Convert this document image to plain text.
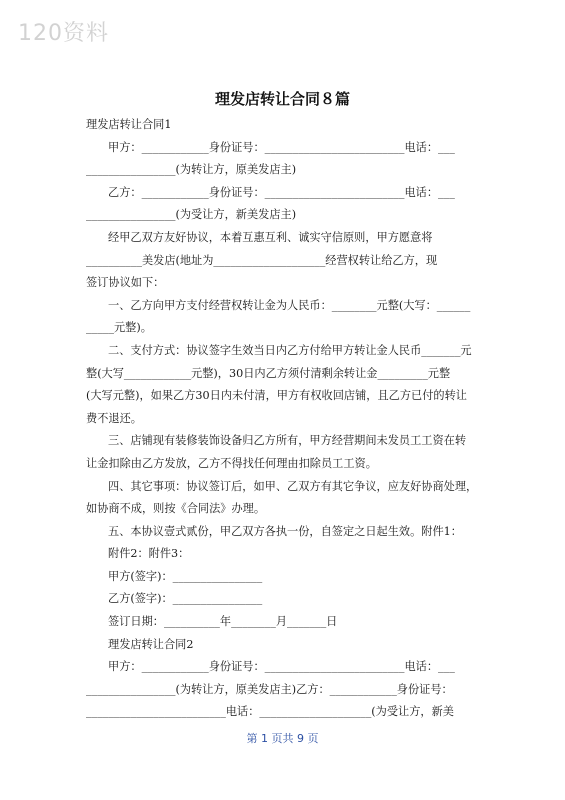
120资料
理发店转让合同８篇
理发店转让合同1
甲方：____________身份证号：_________________________电话：___
________________(为转让方，原美发店主)
乙方：____________身份证号：_________________________电话：___
________________(为受让方，新美发店主)
经甲乙双方友好协议，本着互惠互利、诚实守信原则，甲方愿意将
__________美发店(地址为____________________经营权转让给乙方，现
签订协议如下：
一、乙方向甲方支付经营权转让金为人民币：________元整(大写：______
_____元整)。
二、支付方式：协议签字生效当日内乙方付给甲方转让金人民币_______元
整(大写____________元整)，30日内乙方须付清剩余转让金_________元整
(大写元整)，如果乙方30日内未付清，甲方有权收回店铺，且乙方已付的转让
费不退还。
三、店铺现有装修装饰设备归乙方所有，甲方经营期间未发员工工资在转
让金扣除由乙方发放，乙方不得找任何理由扣除员工工资。
四、其它事项：协议签订后，如甲、乙双方有其它争议，应友好协商处理，
如协商不成，则按《合同法》办理。
五、本协议壹式贰份，甲乙双方各执一份，自签定之日起生效。附件1：
附件2：附件3：
甲方(签字)：________________
乙方(签字)：________________
签订日期：__________年________月_______日
理发店转让合同2
甲方：____________身份证号：_________________________电话：___
________________(为转让方，原美发店主)乙方：____________身份证号：
_________________________电话：____________________(为受让方，新美
第 1 页共 9 页
